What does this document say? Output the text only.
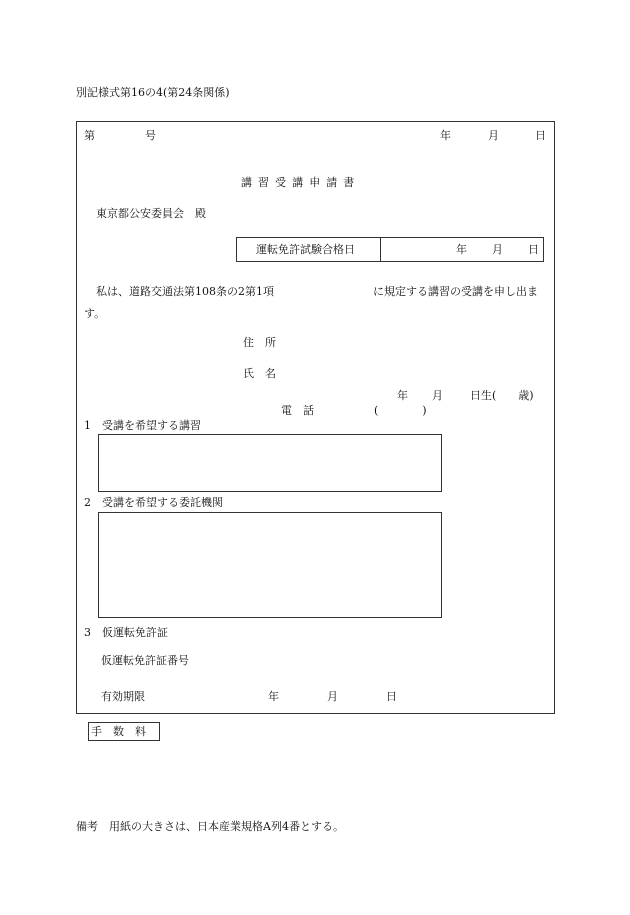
別記様式第16の4(第24条関係)
第	号	年	月	日
講習受講申請書
東京都公安委員会　殿
運転免許試験合格日	年 月 日
私は、道路交通法第108条の2第1項	に規定する講習の受講を申し出ま
す。
住　所
氏　名
年 月 日生(　　歳)
電　話	(　　　　)
1　受講を希望する講習
2　受講を希望する委託機関
3　仮運転免許証
仮運転免許証番号
有効期限	年	月	日
手　数　料
備考　用紙の大きさは、日本産業規格A列4番とする。
